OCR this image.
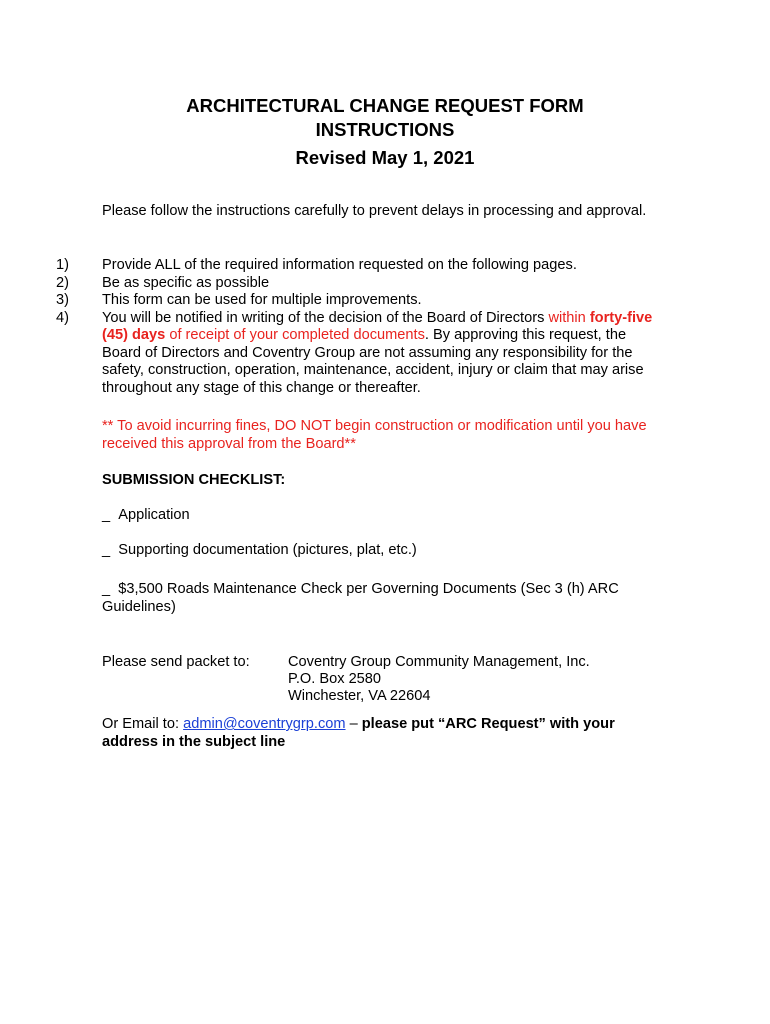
ARCHITECTURAL CHANGE REQUEST FORM
INSTRUCTIONS
Revised May 1, 2021
Please follow the instructions carefully to prevent delays in processing and approval.
1)	Provide ALL of the required information requested on the following pages.
2)	Be as specific as possible
3)	This form can be used for multiple improvements.
4)	You will be notified in writing of the decision of the Board of Directors within forty-five (45) days of receipt of your completed documents. By approving this request, the Board of Directors and Coventry Group are not assuming any responsibility for the safety, construction, operation, maintenance, accident, injury or claim that may arise throughout any stage of this change or thereafter.
** To avoid incurring fines, DO NOT begin construction or modification until you have received this approval from the Board**
SUBMISSION CHECKLIST:
_ Application
_ Supporting documentation (pictures, plat, etc.)
_ $3,500 Roads Maintenance Check per Governing Documents (Sec 3 (h) ARC Guidelines)
Please send packet to:	Coventry Group Community Management, Inc.
P.O. Box 2580
Winchester, VA 22604
Or Email to: admin@coventrygrp.com – please put “ARC Request” with your address in the subject line
